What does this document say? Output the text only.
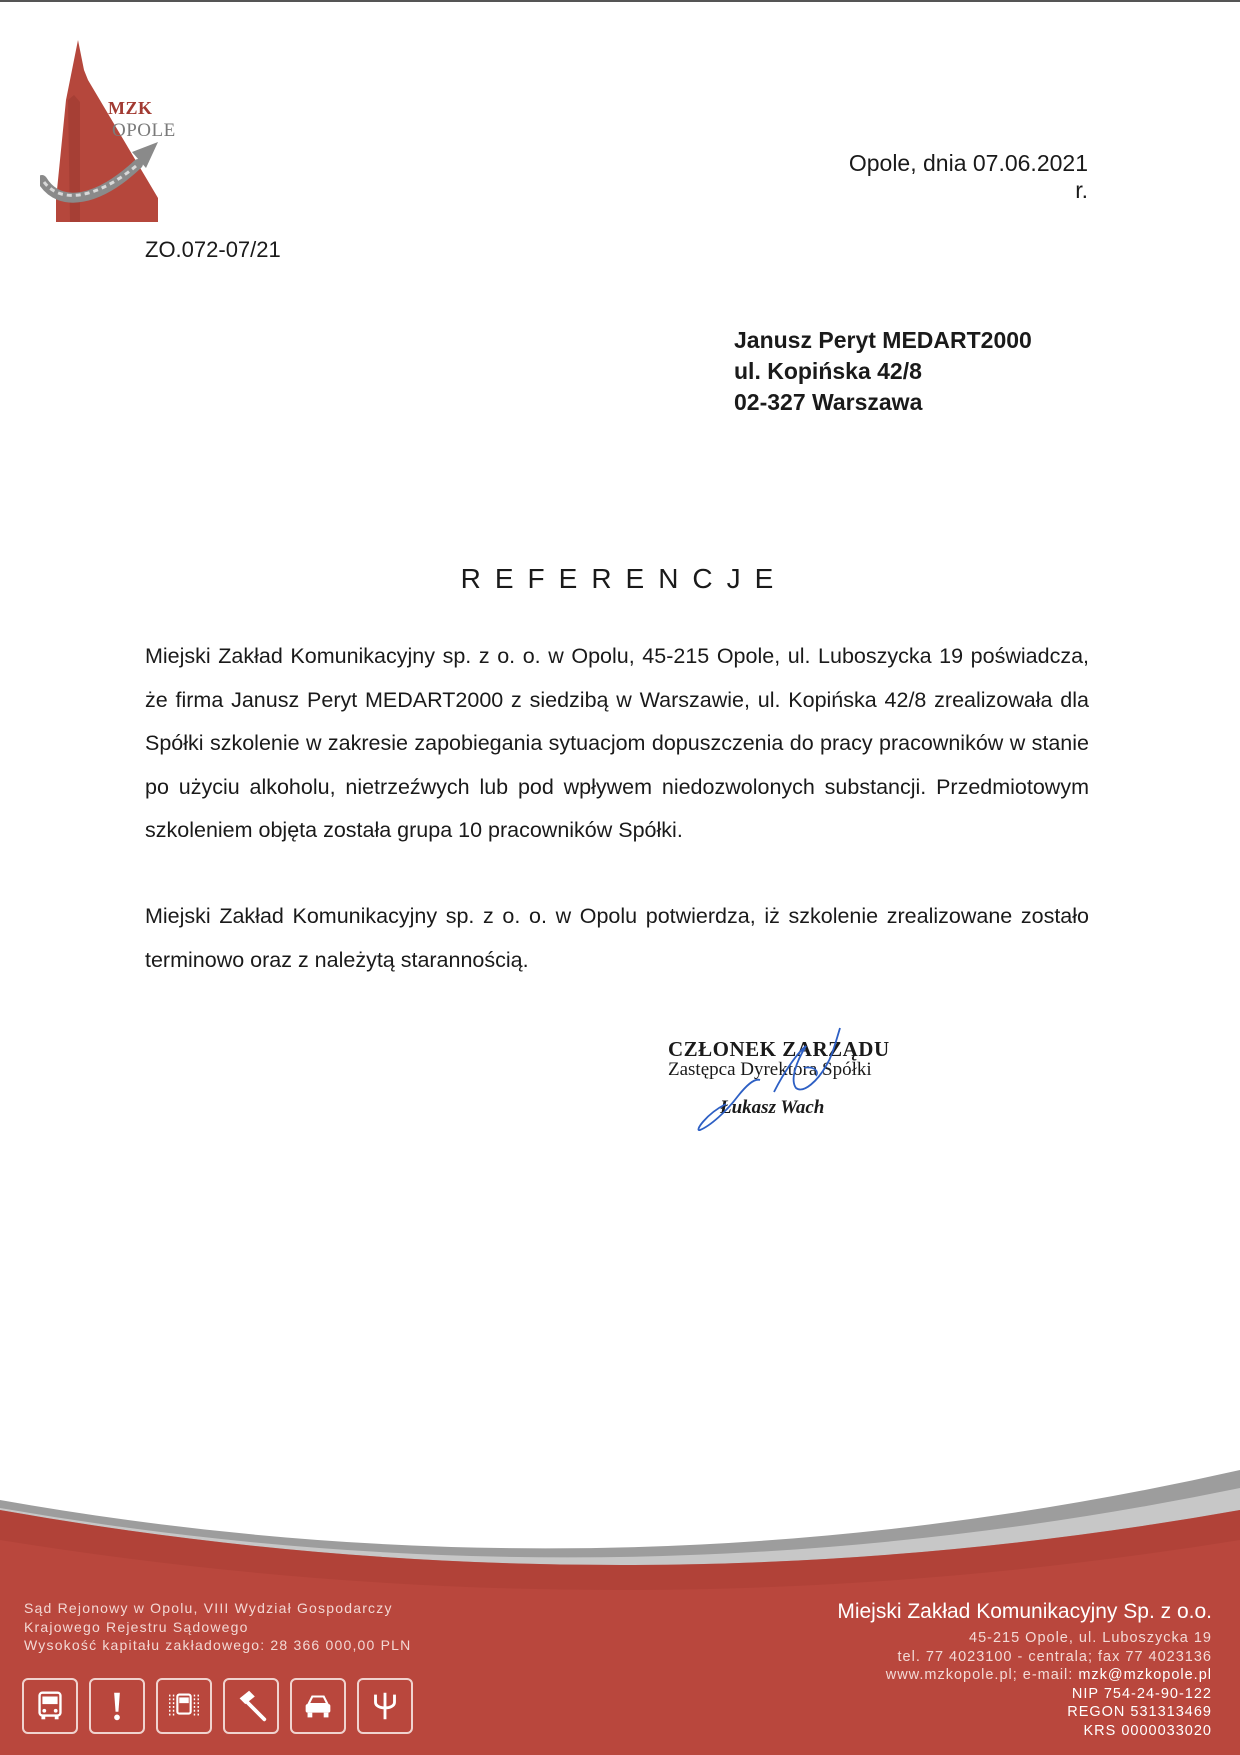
MZK
OPOLE
Opole, dnia 07.06.2021 r.
ZO.072-07/21
Janusz Peryt MEDART2000
ul. Kopińska 42/8
02-327 Warszawa
REFERENCJE
Miejski Zakład Komunikacyjny sp. z o. o. w Opolu, 45-215 Opole, ul. Luboszycka 19 poświadcza, że firma Janusz Peryt MEDART2000 z siedzibą w Warszawie, ul. Kopińska 42/8 zrealizowała dla Spółki szkolenie w zakresie zapobiegania sytuacjom dopuszczenia do pracy pracowników w stanie po użyciu alkoholu, nietrzeźwych lub pod wpływem niedozwolonych substancji. Przedmiotowym szkoleniem objęta została grupa 10 pracowników Spółki.
Miejski Zakład Komunikacyjny sp. z o. o. w Opolu potwierdza, iż szkolenie zrealizowane zostało terminowo oraz z należytą starannością.
CZŁONEK ZARZĄDU
Zastępca Dyrektora Spółki
Łukasz Wach
Sąd Rejonowy w Opolu, VIII Wydział Gospodarczy
Krajowego Rejestru Sądowego
Wysokość kapitału zakładowego: 28 366 000,00 PLN
Miejski Zakład Komunikacyjny Sp. z o.o.
45-215 Opole, ul. Luboszycka 19
tel. 77 4023100 - centrala; fax 77 4023136
www.mzkopole.pl; e-mail: mzk@mzkopole.pl
NIP 754-24-90-122
REGON 531313469
KRS 0000033020
